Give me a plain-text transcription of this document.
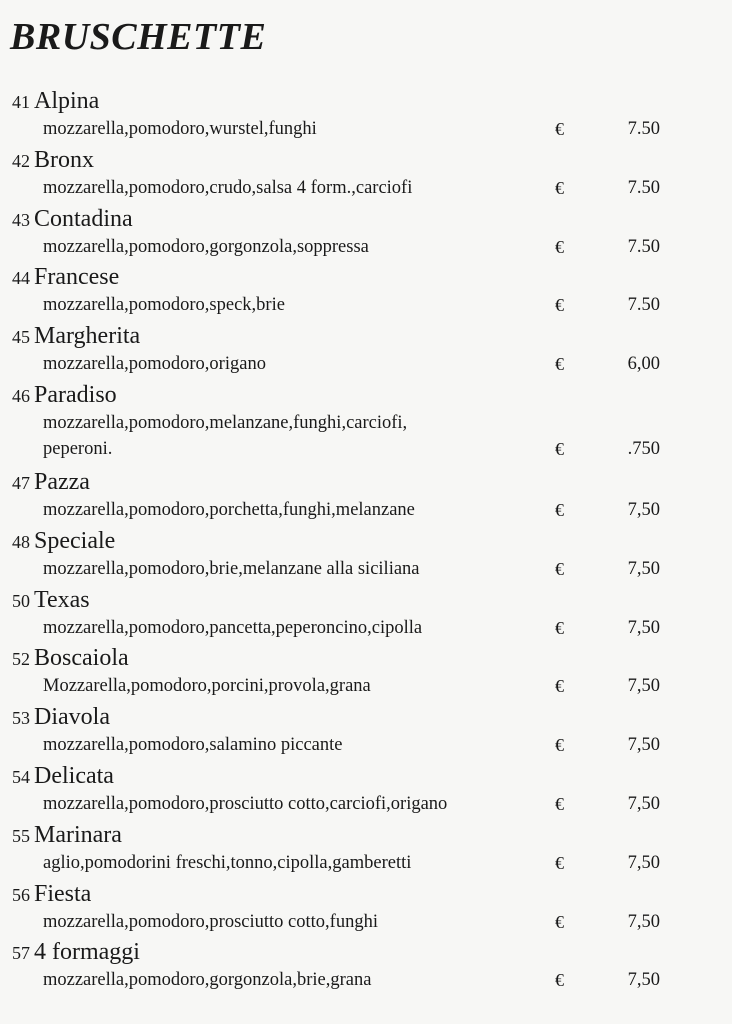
BRUSCHETTE
41 Alpina
mozzarella,pomodoro,wurstel,funghi	€	7.50
42 Bronx
mozzarella,pomodoro,crudo,salsa 4 form.,carciofi	€	7.50
43 Contadina
mozzarella,pomodoro,gorgonzola,soppressa	€	7.50
44 Francese
mozzarella,pomodoro,speck,brie	€	7.50
45 Margherita
mozzarella,pomodoro,origano	€	6,00
46 Paradiso
mozzarella,pomodoro,melanzane,funghi,carciofi,
peperoni.	€	.750
47 Pazza
mozzarella,pomodoro,porchetta,funghi,melanzane	€	7,50
48 Speciale
mozzarella,pomodoro,brie,melanzane alla siciliana	€	7,50
50 Texas
mozzarella,pomodoro,pancetta,peperoncino,cipolla	€	7,50
52 Boscaiola
Mozzarella,pomodoro,porcini,provola,grana	€	7,50
53 Diavola
mozzarella,pomodoro,salamino piccante	€	7,50
54 Delicata
mozzarella,pomodoro,prosciutto cotto,carciofi,origano	€	7,50
55 Marinara
aglio,pomodorini freschi,tonno,cipolla,gamberetti	€	7,50
56 Fiesta
mozzarella,pomodoro,prosciutto cotto,funghi	€	7,50
57 4 formaggi
mozzarella,pomodoro,gorgonzola,brie,grana	€	7,50
